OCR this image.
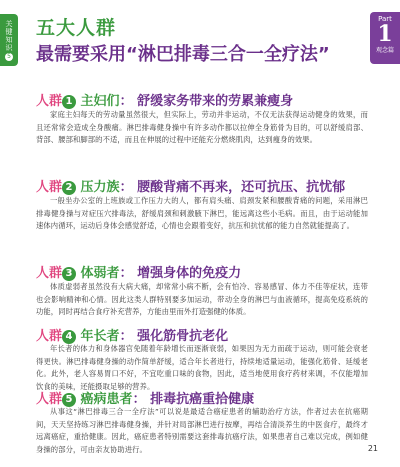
关
键
知
识
5
Part
1
观念篇
五大人群
最需要采用“淋巴排毒三合一全疗法”
人群 1 主妇们： 舒缓家务带来的劳累兼瘦身
家庭主妇每天的劳动量虽然很大，但实际上，劳动并非运动，不仅无法获得运动健身的效果，而且还常常会造成全身酸痛。淋巴排毒健身操中有许多动作都以拉伸全身筋骨为目的，可以舒缓肩部、背部、腰部和脚部的不适，而且在伸展的过程中还能充分燃烧肌肉，达到瘦身的效果。
人群 2 压力族： 腰酸背痛不再来，还可抗压、抗忧郁
一般坐办公室的上班族或工作压力大的人，都有肩头痛、肩颈发紧和腰酸背痛的问题，采用淋巴排毒健身操与对症压穴排毒法，舒缓肩颈和刺激腋下淋巴，能远离这些小毛病。而且，由于运动能加速体内循环，运动后身体会感觉舒适，心情也会跟着变好，抗压和抗忧郁的能力自然就能提高了。
人群 3 体弱者： 增强身体的免疫力
体质虚弱者虽然没有大病大痛，却常常小病不断，会有怕冷、容易感冒、体力不佳等症状，连带也会影响精神和心情。因此这类人群特别要多加运动，带动全身的淋巴与血液循环，提高免疫系统的功能，同时再结合食疗补充营养，方能由里而外打造强健的体质。
人群 4 年长者： 强化筋骨抗老化
年长者的体力和身体器官免随着年龄增长而逐渐衰弱，如果因为无力而疏于运动，则可能会衰老得更快。淋巴排毒健身操的动作简单舒缓，适合年长者进行，持续地适量运动，能强化筋骨、延缓老化。此外，老人容易胃口不好，不宜吃重口味的食物，因此，适当地使用食疗药材来调，不仅能增加饮食的美味，还能摄取足够的营养。
人群 5 癌病患者： 排毒抗癌重拾健康
从事这“淋巴排毒三合一全疗法”可以说是最适合癌症患者的辅助治疗方法，作者过去在抗癌期间，天天坚持练习淋巴排毒健身操，并针对局部淋巴进行按摩，再结合清淡养生的中医食疗，最终才远离癌症，重拾健康。因此，癌症患者特别需要这套排毒抗癌疗法，如果患者自己难以完成，例如健身操的部分，可由亲友协助进行。	21
